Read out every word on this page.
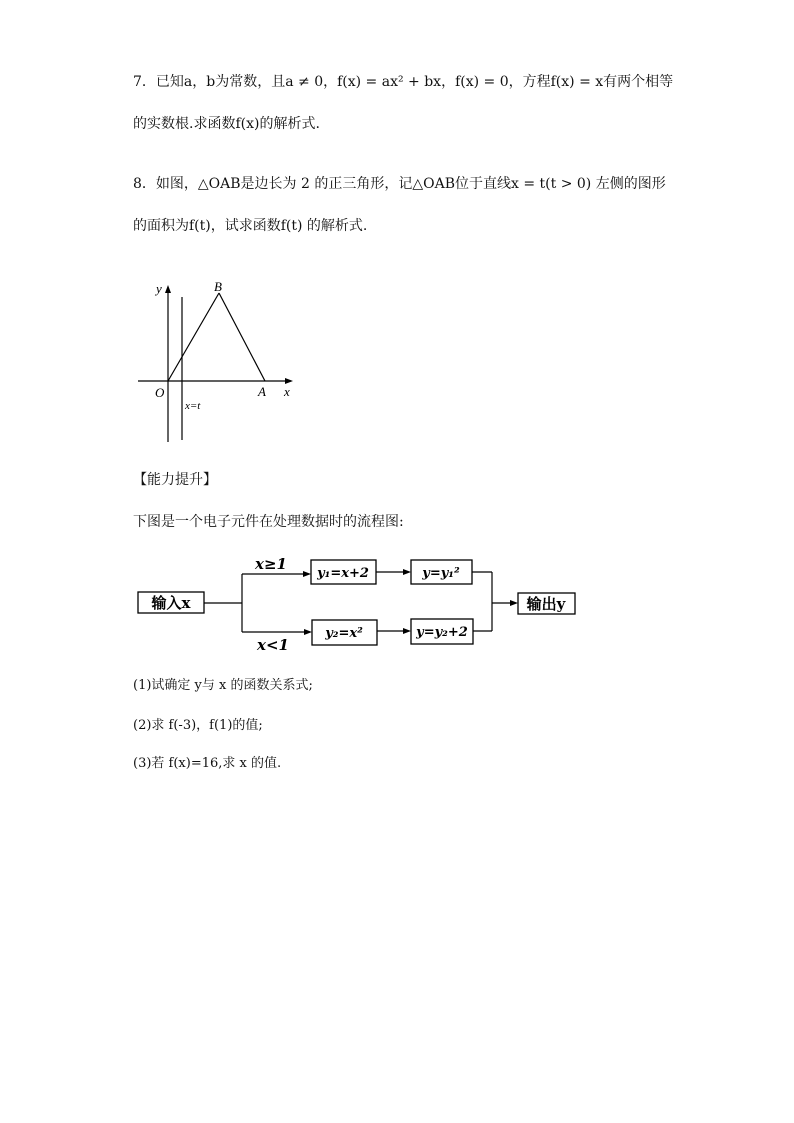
7．已知a，b为常数，且a ≠ 0，f(x) = ax² + bx，f(x) = 0，方程f(x) = x有两个相等
的实数根.求函数f(x)的解析式.
8．如图，△OAB是边长为 2 的正三角形，记△OAB位于直线x = t(t > 0) 左侧的图形
的面积为f(t)，试求函数f(t) 的解析式.
y
x
O	A
B
x=t
【能力提升】
下图是一个电子元件在处理数据时的流程图:
输入x
x≥1
y₁=x+2	y=y₁²
x<1
y₂=x²	y=y₂+2
输出y
(1)试确定 y与 x 的函数关系式;
(2)求 f(-3)，f(1)的值;
(3)若 f(x)=16,求 x 的值.
